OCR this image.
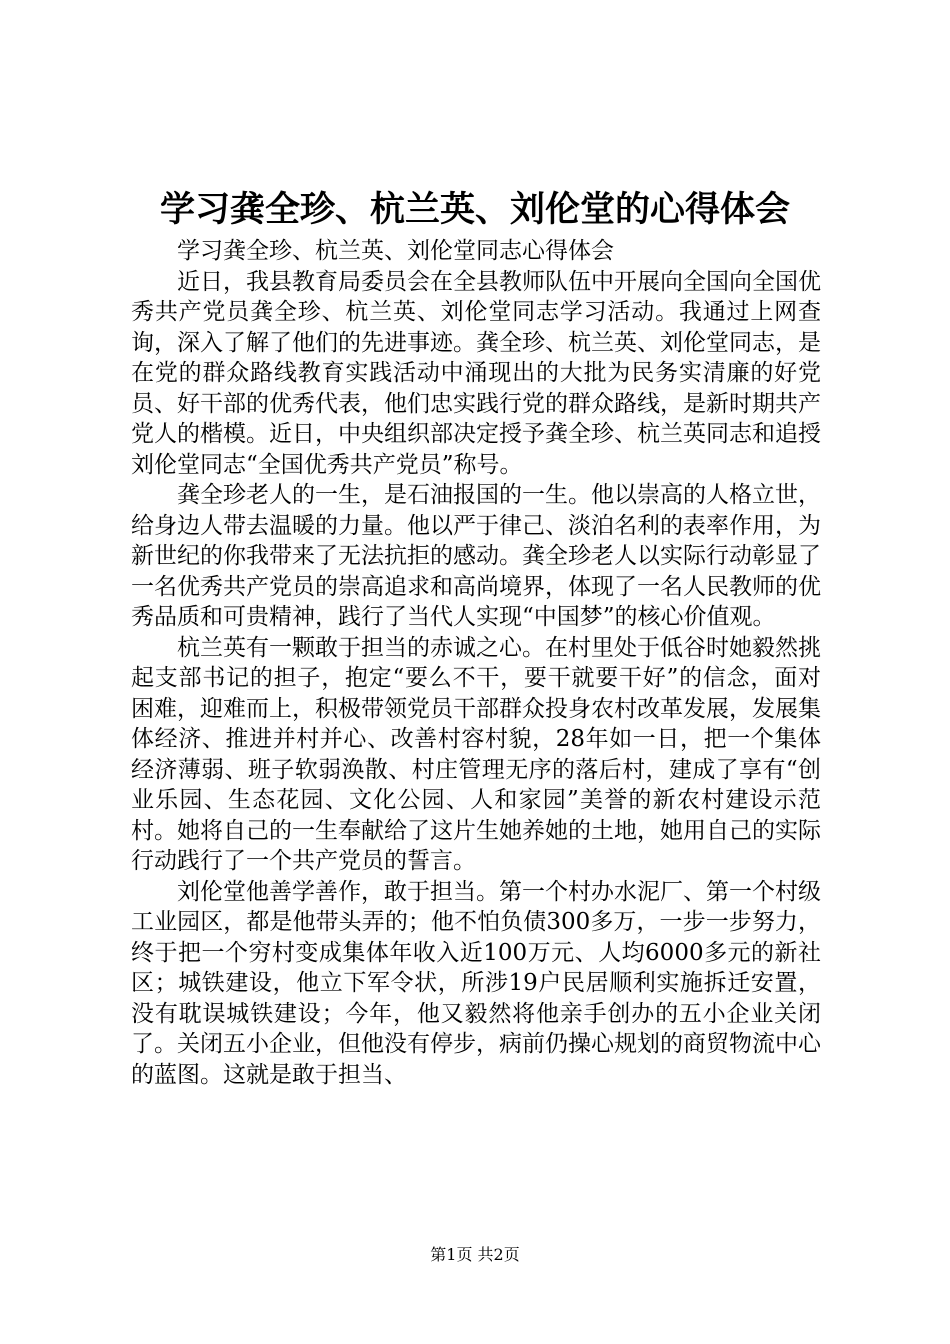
学习龚全珍、杭兰英、刘伦堂的心得体会

学习龚全珍、杭兰英、刘伦堂同志心得体会

近日，我县教育局委员会在全县教师队伍中开展向全国向全国优秀共产党员龚全珍、杭兰英、刘伦堂同志学习活动。我通过上网查询，深入了解了他们的先进事迹。龚全珍、杭兰英、刘伦堂同志，是在党的群众路线教育实践活动中涌现出的大批为民务实清廉的好党员、好干部的优秀代表，他们忠实践行党的群众路线，是新时期共产党人的楷模。近日，中央组织部决定授予龚全珍、杭兰英同志和追授刘伦堂同志“全国优秀共产党员”称号。

龚全珍老人的一生，是石油报国的一生。他以崇高的人格立世，给身边人带去温暖的力量。他以严于律己、淡泊名利的表率作用，为新世纪的你我带来了无法抗拒的感动。龚全珍老人以实际行动彰显了一名优秀共产党员的崇高追求和高尚境界，体现了一名人民教师的优秀品质和可贵精神，践行了当代人实现“中国梦”的核心价值观。

杭兰英有一颗敢于担当的赤诚之心。在村里处于低谷时她毅然挑起支部书记的担子，抱定“要么不干，要干就要干好”的信念，面对困难，迎难而上，积极带领党员干部群众投身农村改革发展，发展集体经济、推进并村并心、改善村容村貌，28年如一日，把一个集体经济薄弱、班子软弱涣散、村庄管理无序的落后村，建成了享有“创业乐园、生态花园、文化公园、人和家园”美誉的新农村建设示范村。她将自己的一生奉献给了这片生她养她的土地，她用自己的实际行动践行了一个共产党员的誓言。

刘伦堂他善学善作，敢于担当。第一个村办水泥厂、第一个村级工业园区，都是他带头弄的；他不怕负债300多万，一步一步努力，终于把一个穷村变成集体年收入近100万元、人均6000多元的新社区；城铁建设，他立下军令状，所涉19户民居顺利实施拆迁安置，没有耽误城铁建设；今年，他又毅然将他亲手创办的五小企业关闭了。关闭五小企业，但他没有停步，病前仍操心规划的商贸物流中心的蓝图。这就是敢于担当、

第1页 共2页
